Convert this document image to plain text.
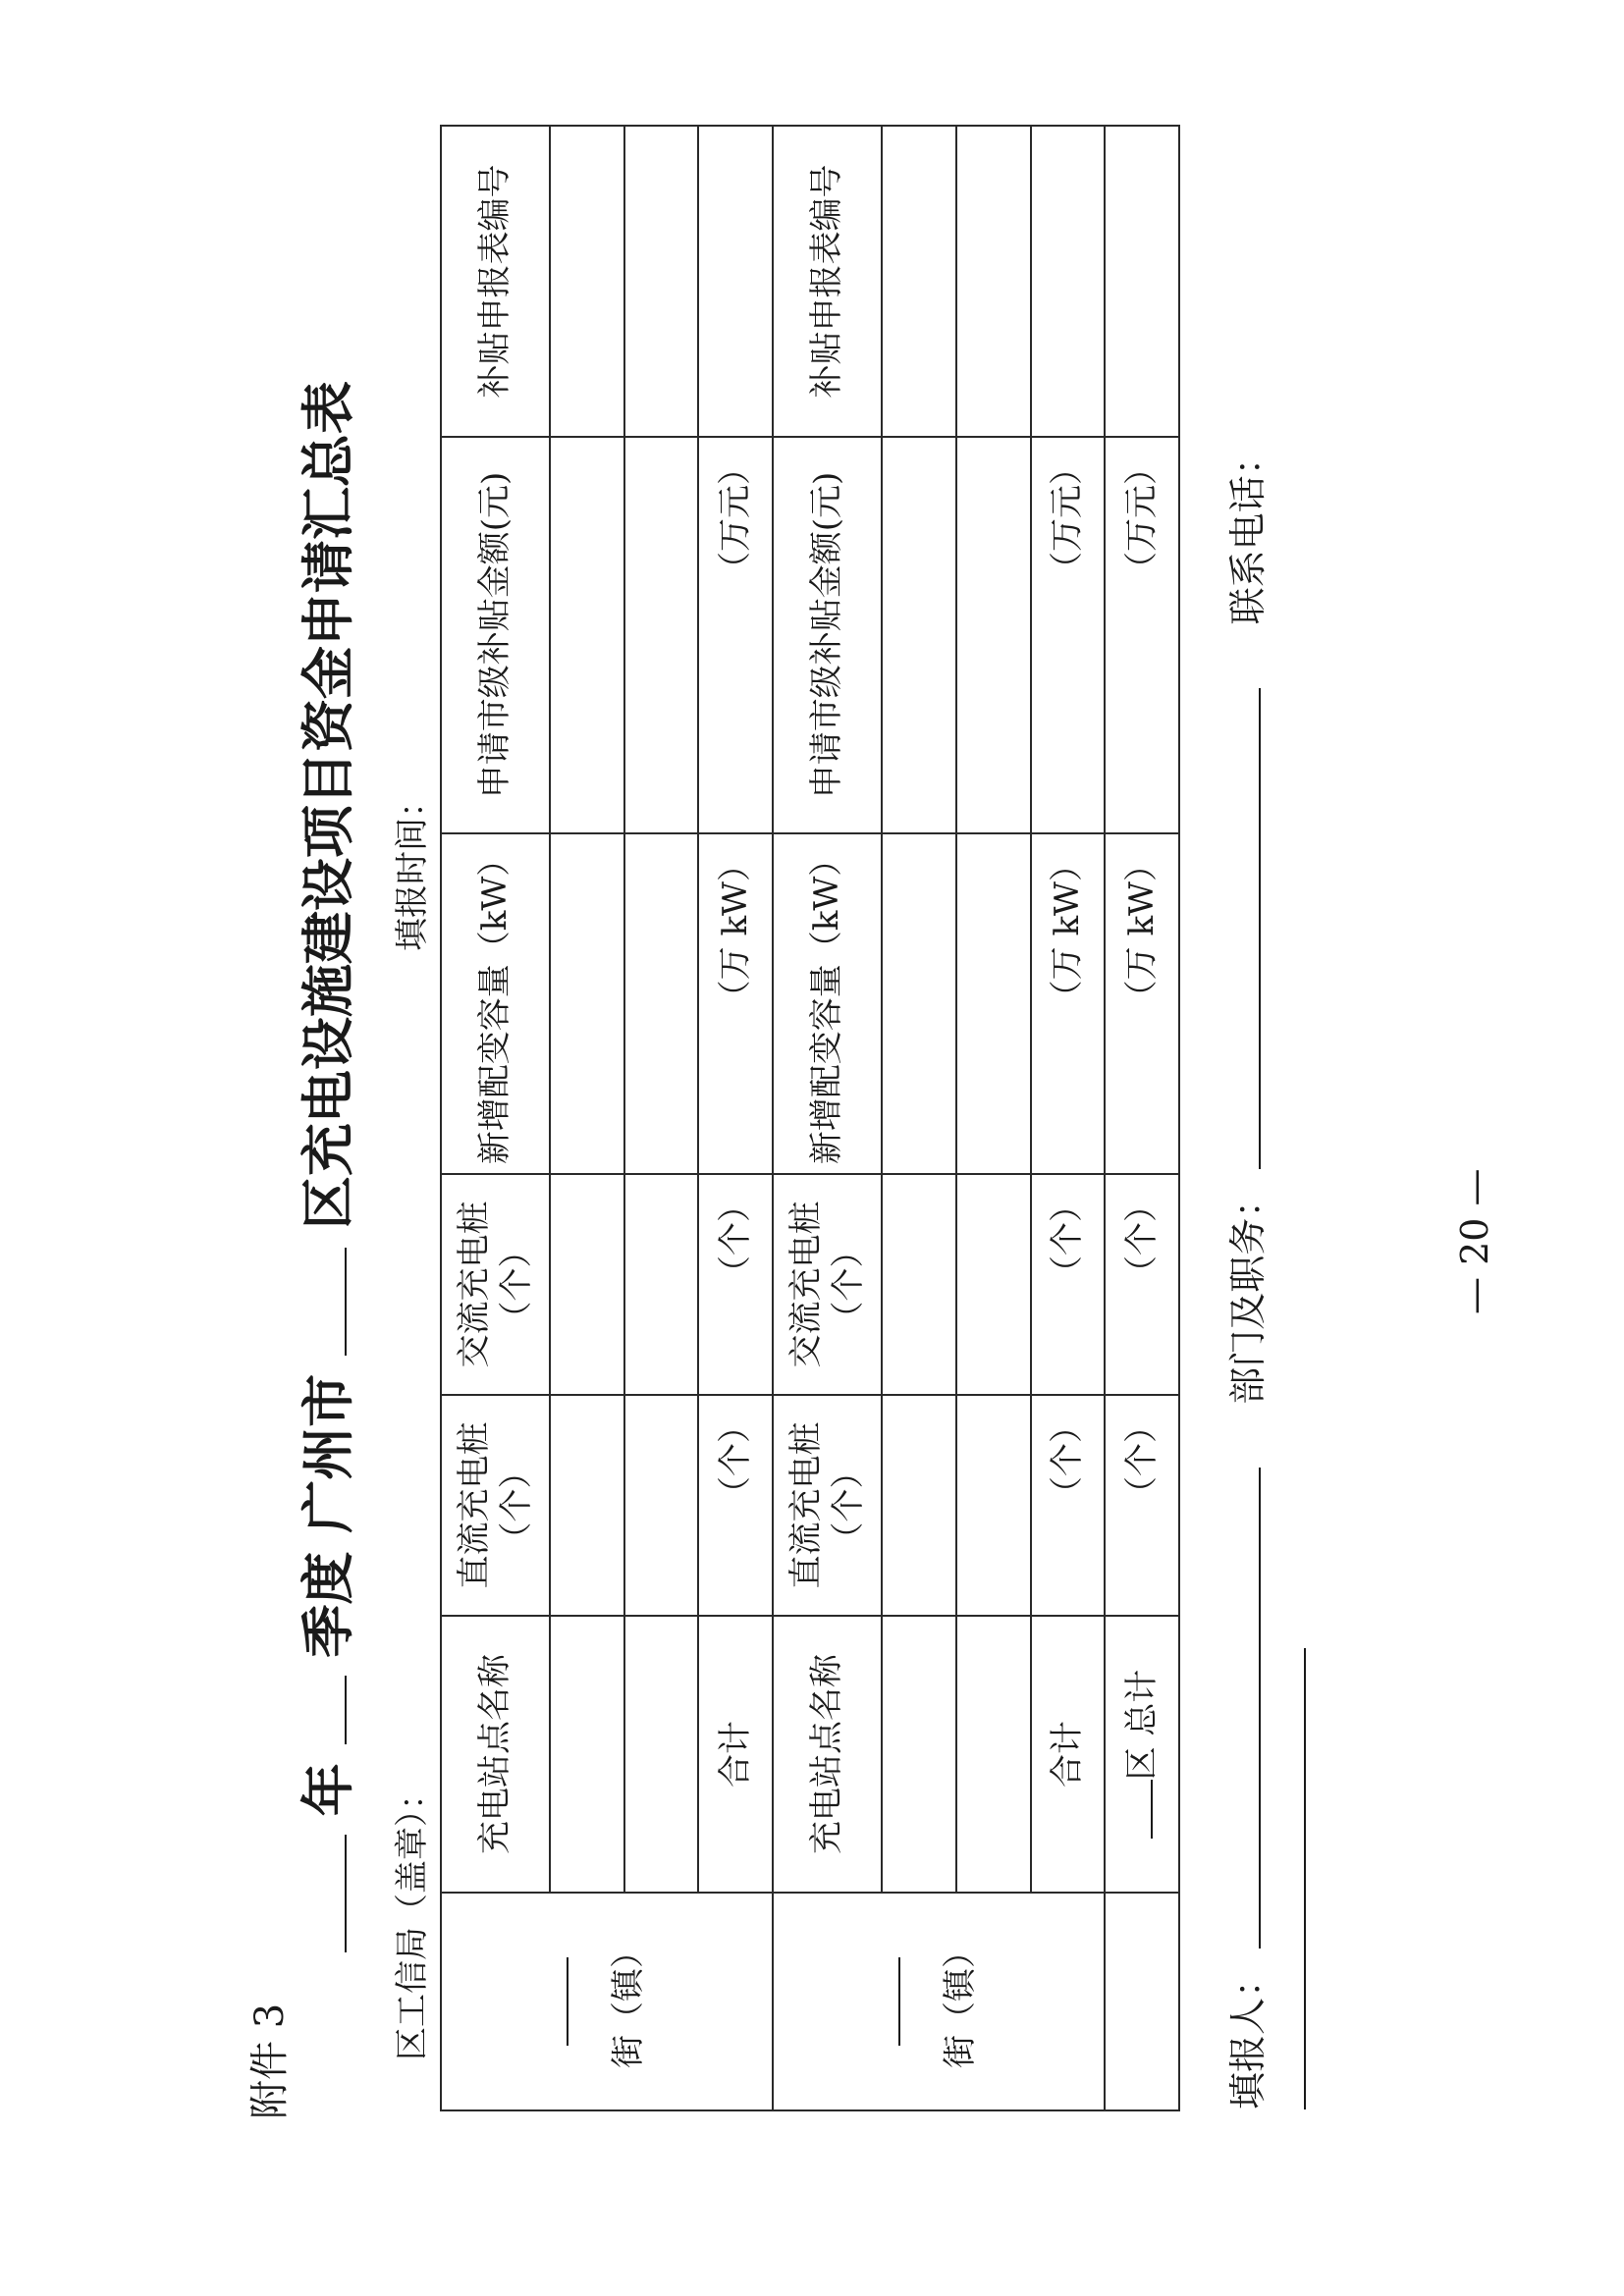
附件 3
年  季度 广州市  区充电设施建设项目资金申请汇总表
区工信局（盖章）：
填报时间：
街（镇）	充电站点名称	直流充电桩（个）	交流充电桩（个）	新增配变容量（kW）	申请市级补贴金额(元)	补贴申报表编号

	合计	（个）	（个）	（万 kW）	（万元）	

街（镇）	充电站点名称	直流充电桩（个）	交流充电桩（个）	新增配变容量（kW）	申请市级补贴金额(元)	补贴申报表编号

	合计	（个）	（个）	（万 kW）	（万元）	
	区 总计	（个）	（个）	（万 kW）	（万元）	
填报人：   部门及职务：   联系电话：
— 20 —
